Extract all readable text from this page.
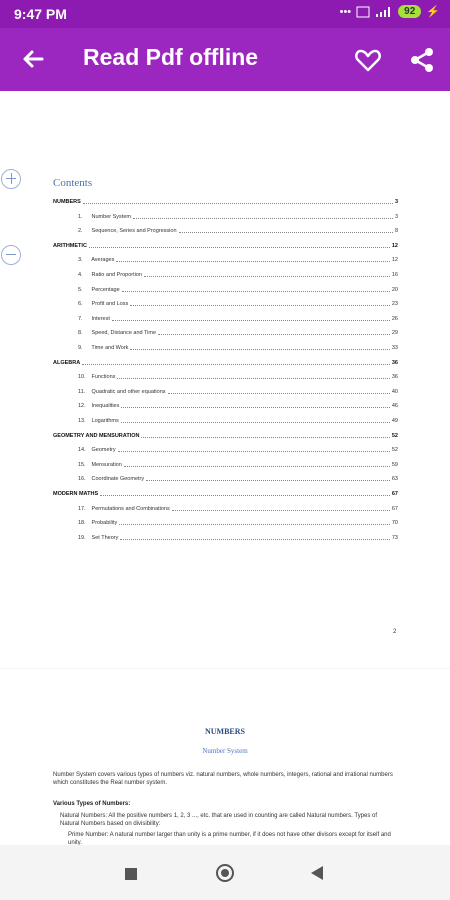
9:47 PM	•••	92	⚡
Read Pdf offline
Contents
NUMBERS	3
1. Number System	3
2. Sequence, Series and Progression	8
ARITHMETIC	12
3. Averages	12
4. Ratio and Proportion	16
5. Percentage	20
6. Profit and Loss	23
7. Interest	26
8. Speed, Distance and Time	29
9. Time and Work	33
ALGEBRA	36
10. Functions	36
11. Quadratic and other equations	40
12. Inequalities	46
13. Logarithms	49
GEOMETRY AND MENSURATION	52
14. Geometry	52
15. Mensuration	59
16. Coordinate Geometry	63
MODERN MATHS	67
17. Permutations and Combinations	67
18. Probability	70
19. Set Theory	73
2
NUMBERS
Number System
Number System covers various types of numbers viz. natural numbers, whole numbers, integers, rational and irrational numbers which constitutes the Real number system.
Various Types of Numbers:
Natural Numbers: All the positive numbers 1, 2, 3 ..., etc. that are used in counting are called Natural numbers. Types of Natural Numbers based on divisibility:
Prime Number: A natural number larger than unity is a prime number, if it does not have other divisors except for itself and unity.
